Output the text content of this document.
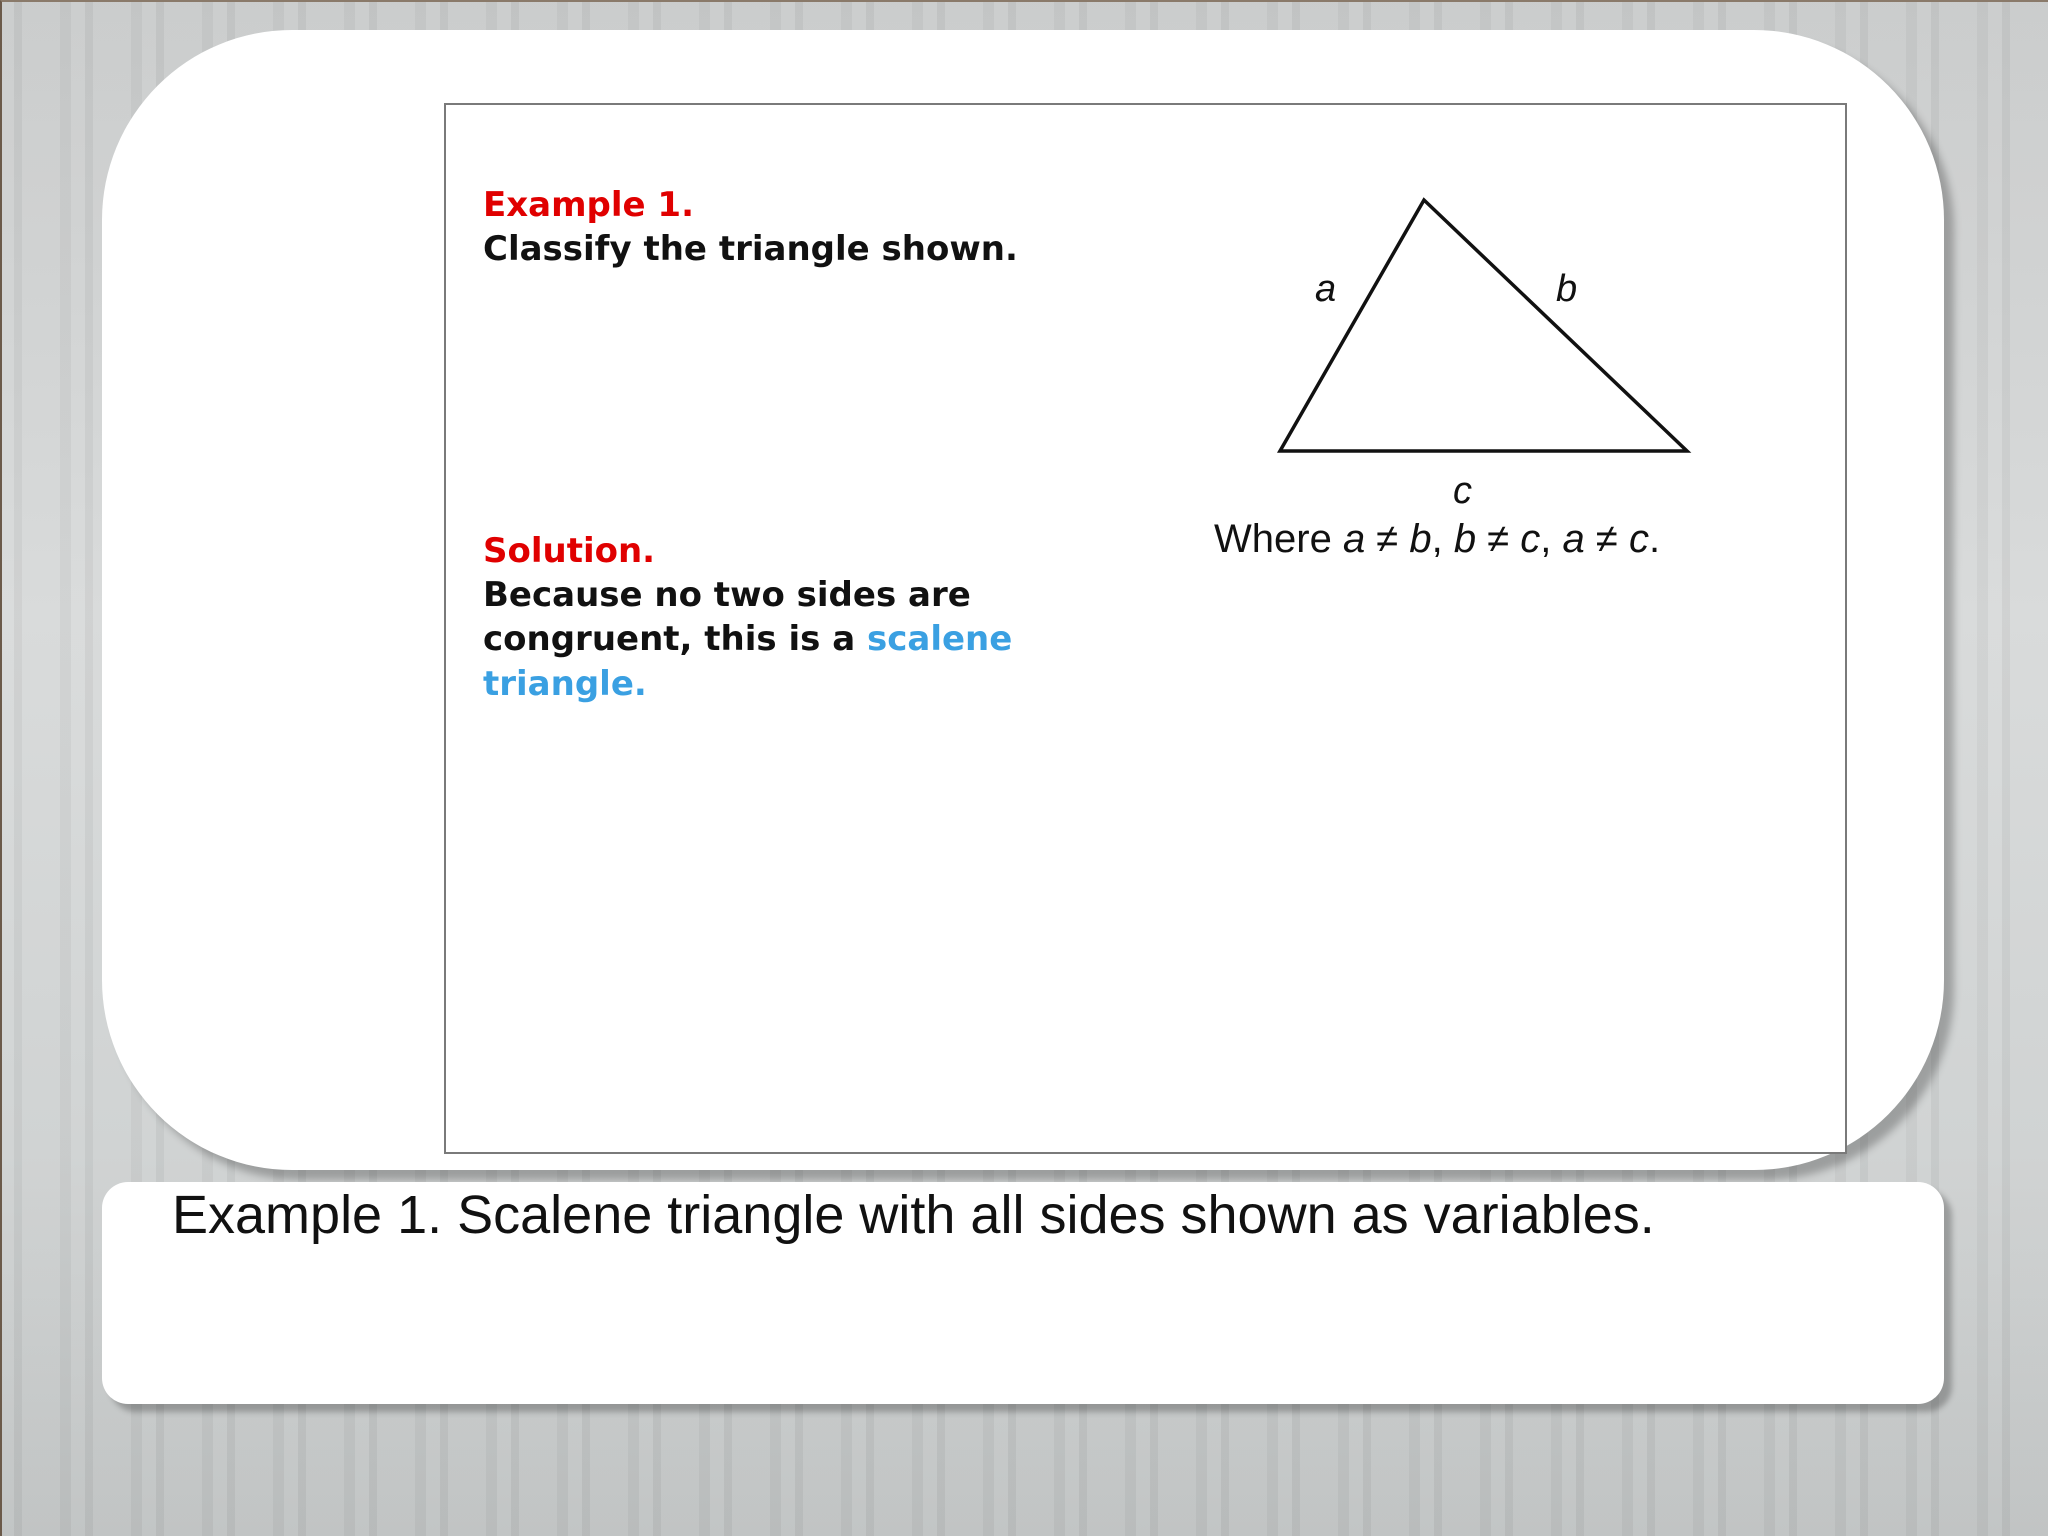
Example 1.

Classify the triangle shown.

Solution.

Because no two sides are

congruent, this is a scalene

triangle.

a	b
c

Where a ≠ b, b ≠ c, a ≠ c.

Example 1. Scalene triangle with all sides shown as variables.
